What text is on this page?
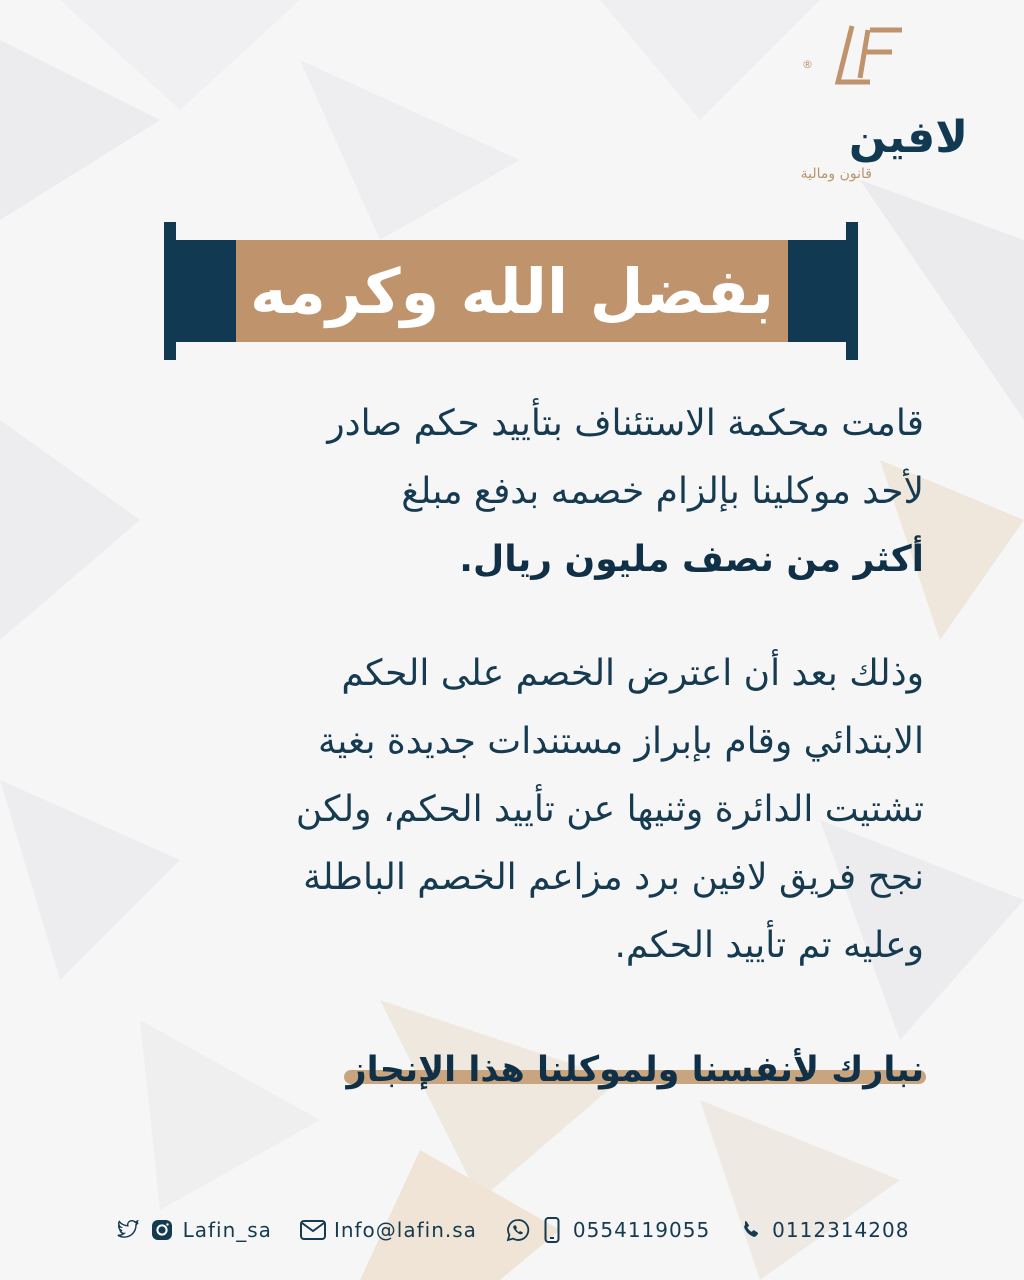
®
لافين
قانون ومالية
بفضل الله وكرمه
قامت محكمة الاستئناف بتأييد حكم صادر
لأحد موكلينا بإلزام خصمه بدفع مبلغ
أكثر من نصف مليون ريال.
وذلك بعد أن اعترض الخصم على الحكم
الابتدائي وقام بإبراز مستندات جديدة بغية
تشتيت الدائرة وثنيها عن تأييد الحكم، ولكن
نجح فريق لافين برد مزاعم الخصم الباطلة
وعليه تم تأييد الحكم.
نبارك لأنفسنا ولموكلنا هذا الإنجاز
Lafin_sa	Info@lafin.sa	0554119055	0112314208
